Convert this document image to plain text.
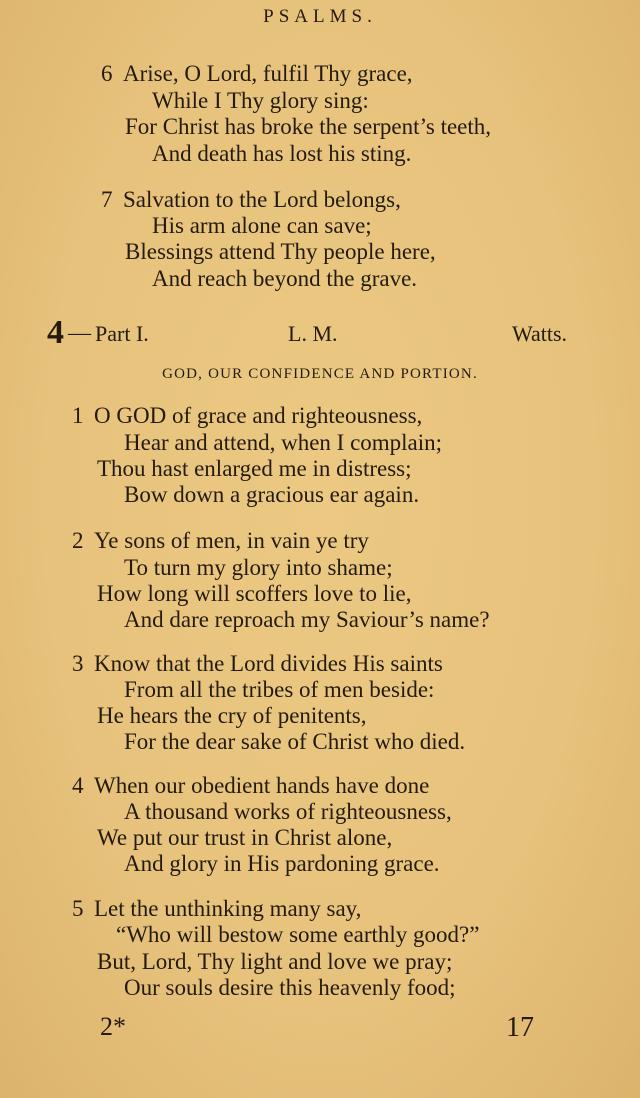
PSALMS.
6 Arise, O Lord, fulfil Thy grace,
While I Thy glory sing:
For Christ has broke the serpent’s teeth,
And death has lost his sting.
7 Salvation to the Lord belongs,
His arm alone can save;
Blessings attend Thy people here,
And reach beyond the grave.
4 — Part I.	L. M.	Watts.
GOD, OUR CONFIDENCE AND PORTION.
1 O GOD of grace and righteousness,
Hear and attend, when I complain;
Thou hast enlarged me in distress;
Bow down a gracious ear again.
2 Ye sons of men, in vain ye try
To turn my glory into shame;
How long will scoffers love to lie,
And dare reproach my Saviour’s name?
3 Know that the Lord divides His saints
From all the tribes of men beside:
He hears the cry of penitents,
For the dear sake of Christ who died.
4 When our obedient hands have done
A thousand works of righteousness,
We put our trust in Christ alone,
And glory in His pardoning grace.
5 Let the unthinking many say,
“Who will bestow some earthly good?”
But, Lord, Thy light and love we pray;
Our souls desire this heavenly food;
2*	17
